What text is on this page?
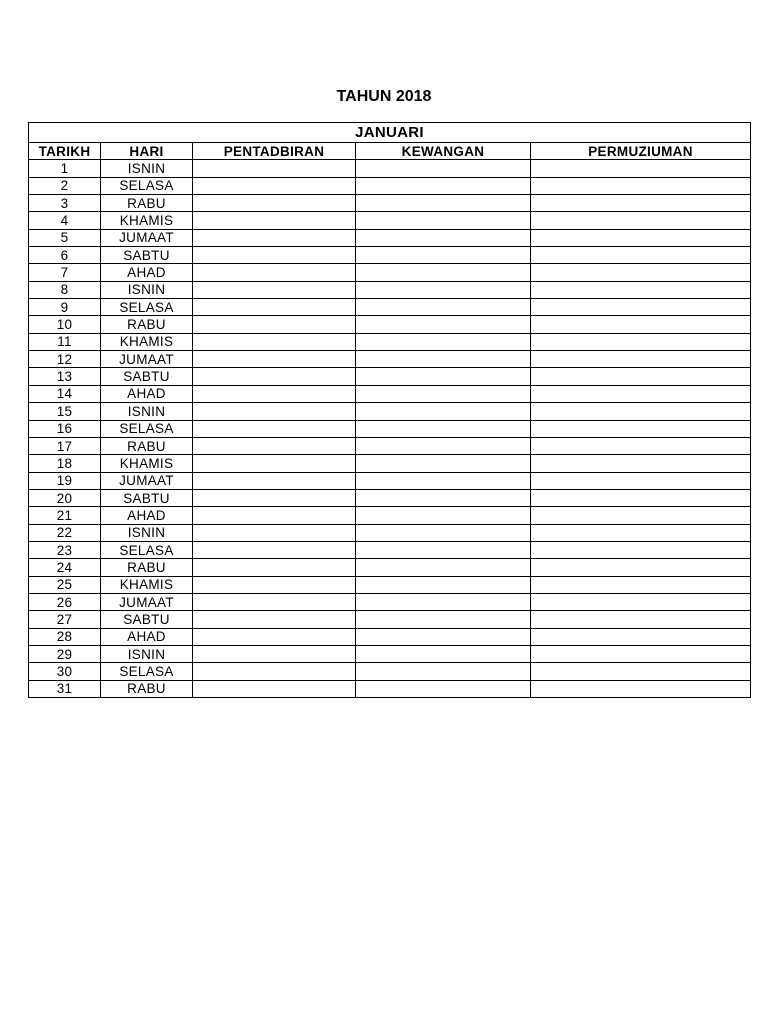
TAHUN 2018
JANUARI				
TARIKH	HARI	PENTADBIRAN	KEWANGAN	PERMUZIUMAN
1	ISNIN			
2	SELASA			
3	RABU			
4	KHAMIS			
5	JUMAAT			
6	SABTU			
7	AHAD			
8	ISNIN			
9	SELASA			
10	RABU			
11	KHAMIS			
12	JUMAAT			
13	SABTU			
14	AHAD			
15	ISNIN			
16	SELASA			
17	RABU			
18	KHAMIS			
19	JUMAAT			
20	SABTU			
21	AHAD			
22	ISNIN			
23	SELASA			
24	RABU			
25	KHAMIS			
26	JUMAAT			
27	SABTU			
28	AHAD			
29	ISNIN			
30	SELASA			
31	RABU			
